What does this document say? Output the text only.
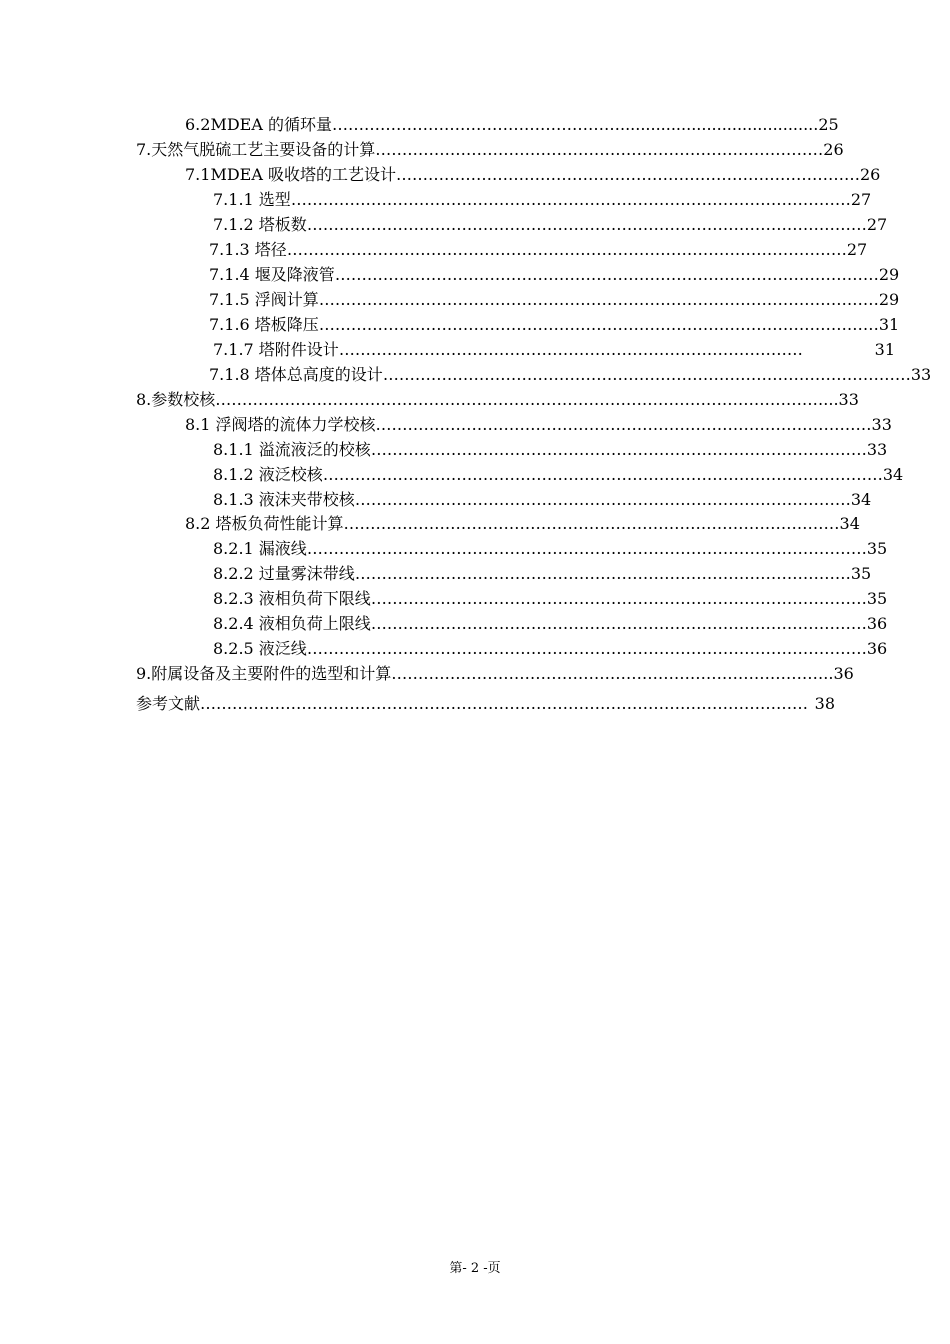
6.2MDEA 的循环量 ………………………………………………....................................... 25
7.天然气脱硫工艺主要设备的计算 ………………………………………………………………………… 26
7.1MDEA 吸收塔的工艺设计 …………………………………………………………………………… 26
7.1.1 选型 …………………………………………………………………………………………… 27
7.1.2 塔板数 …………………………………………………………………………………………… 27
7.1.3 塔径 …………………………………………………………………………………………… 27
7.1.4 堰及降液管 ………………………………………………………………………………………… 29
7.1.5 浮阀计算 …………………………………………………………………………………………… 29
7.1.6 塔板降压 …………………………………………………………………………………………… 31
7.1.7 塔附件设计 ……………………………………………………………………………	31
7.1.8 塔体总高度的设计 ……………………………………………………………………………………… 33
8.参数校核 …………………………………………………………………………………………………… ...33
8.1 浮阀塔的流体力学校核 ………………………………………………………………………………… 33
8.1.1 溢流液泛的校核 ………………………………………………………………………………… 33
8.1.2 液泛校核 …………………………………………………………………………………………… 34
8.1.3 液沫夹带校核 ………………………………………………………………………………… 34
8.2 塔板负荷性能计算 ………………………………………………………………………………… 34
8.2.1 漏液线 …………………………………………………………………………………………… 35
8.2.2 过量雾沫带线 ………………………………………………………………………………… 35
8.2.3 液相负荷下限线 ………………………………………………………………………………… 35
8.2.4 液相负荷上限线 ………………………………………………………………………………… 36
8.2.5 液泛线 …………………………………………………………………………………………… 36
9.附属设备及主要附件的选型和计算 ……………………………………………………………………… ..36
参考文献 …………………………………………………………………………………………………… 38
第- 2 -页
